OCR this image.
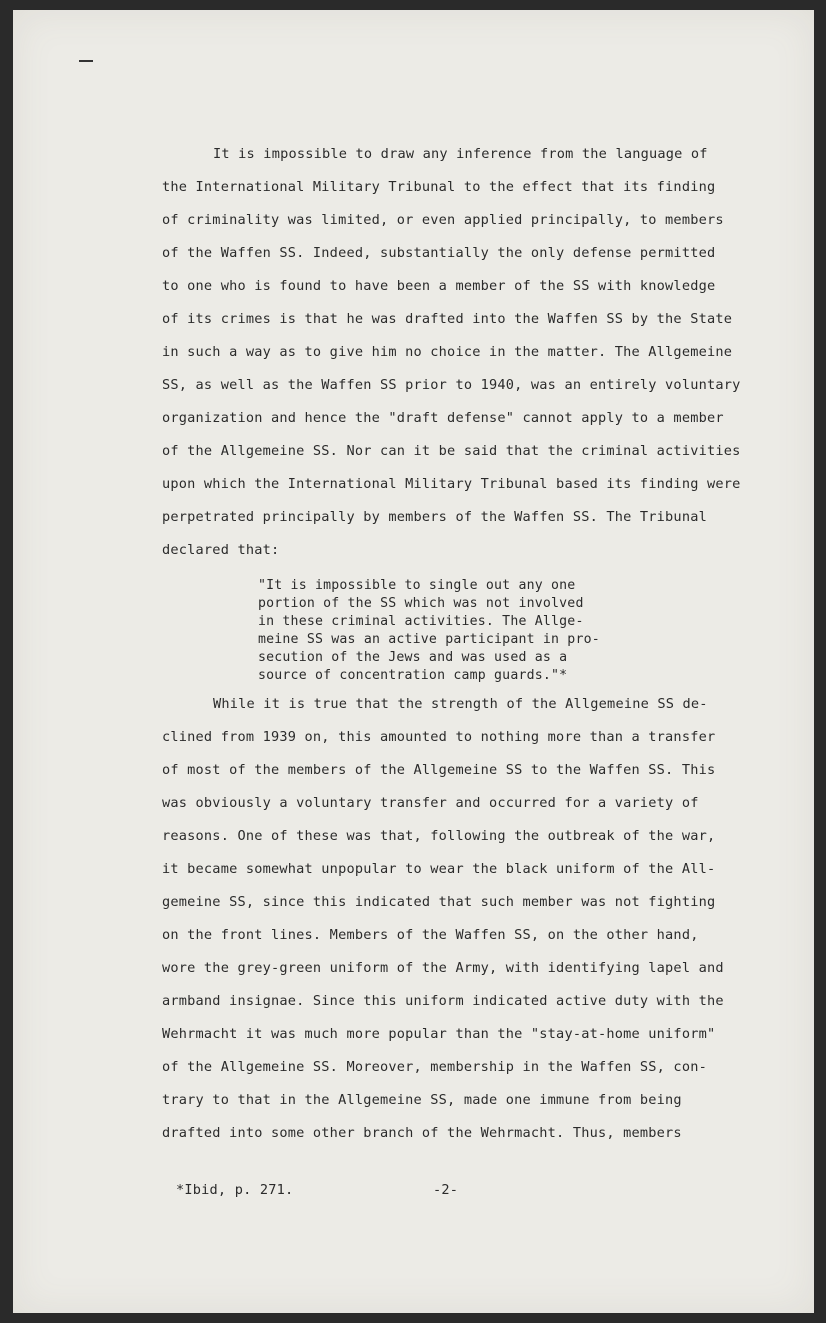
It is impossible to draw any inference from the language of
the International Military Tribunal to the effect that its finding
of criminality was limited, or even applied principally, to members
of the Waffen SS. Indeed, substantially the only defense permitted
to one who is found to have been a member of the SS with knowledge
of its crimes is that he was drafted into the Waffen SS by the State
in such a way as to give him no choice in the matter. The Allgemeine
SS, as well as the Waffen SS prior to 1940, was an entirely voluntary
organization and hence the "draft defense" cannot apply to a member
of the Allgemeine SS. Nor can it be said that the criminal activities
upon which the International Military Tribunal based its finding were
perpetrated principally by members of the Waffen SS. The Tribunal
declared that:
"It is impossible to single out any one
portion of the SS which was not involved
in these criminal activities. The Allge-
meine SS was an active participant in pro-
secution of the Jews and was used as a
source of concentration camp guards."*
While it is true that the strength of the Allgemeine SS de-
clined from 1939 on, this amounted to nothing more than a transfer
of most of the members of the Allgemeine SS to the Waffen SS. This
was obviously a voluntary transfer and occurred for a variety of
reasons. One of these was that, following the outbreak of the war,
it became somewhat unpopular to wear the black uniform of the All-
gemeine SS, since this indicated that such member was not fighting
on the front lines. Members of the Waffen SS, on the other hand,
wore the grey-green uniform of the Army, with identifying lapel and
armband insignae. Since this uniform indicated active duty with the
Wehrmacht it was much more popular than the "stay-at-home uniform"
of the Allgemeine SS. Moreover, membership in the Waffen SS, con-
trary to that in the Allgemeine SS, made one immune from being
drafted into some other branch of the Wehrmacht. Thus, members
*Ibid, p. 271.	-2-
